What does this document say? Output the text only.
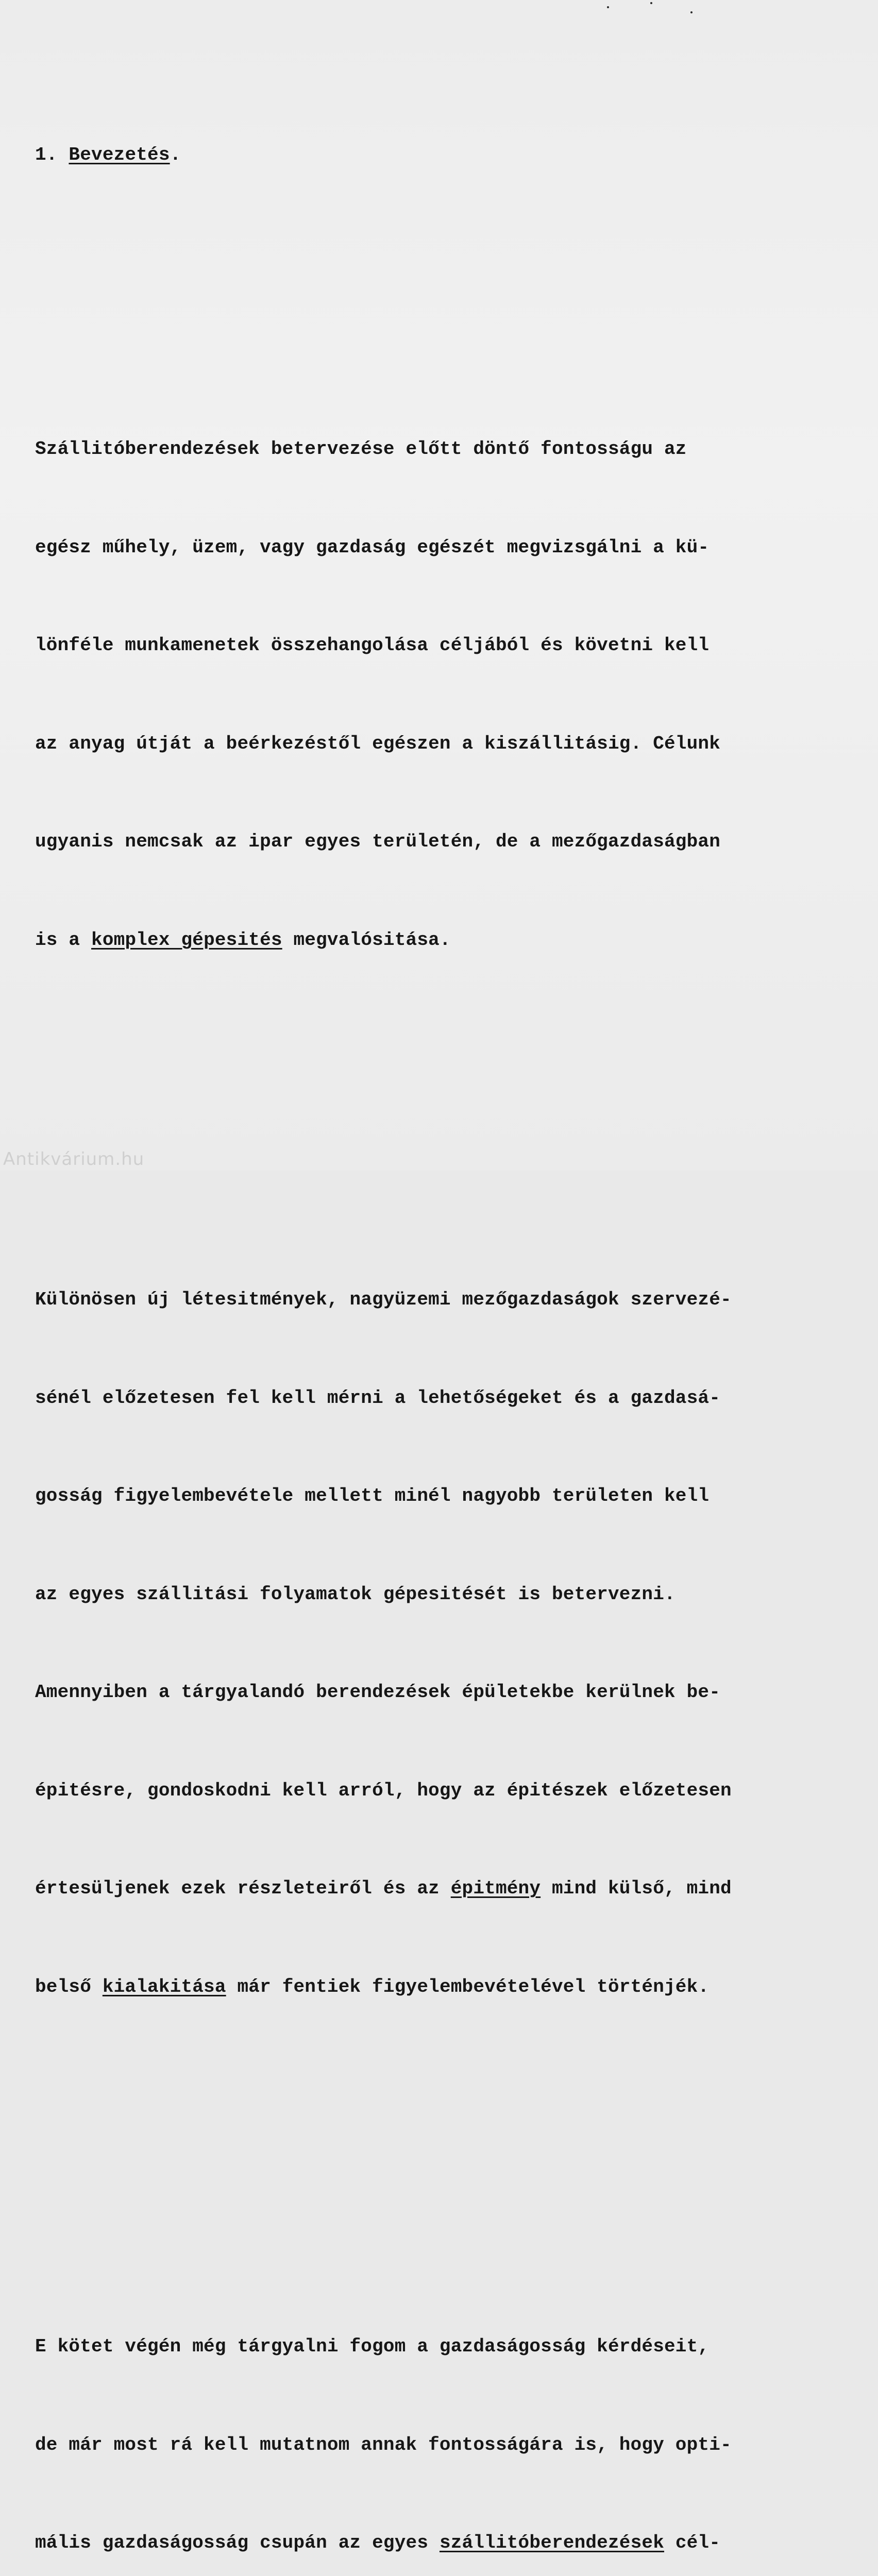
1. Bevezetés.

Szállitóberendezések betervezése előtt döntő fontosságu az

egész műhely, üzem, vagy gazdaság egészét megvizsgálni a kü-

lönféle munkamenetek összehangolása céljából és követni kell

az anyag útját a beérkezéstől egészen a kiszállitásig. Célunk

ugyanis nemcsak az ipar egyes területén, de a mezőgazdaságban

is a komplex gépesités megvalósitása.

Különösen új létesitmények, nagyüzemi mezőgazdaságok szervezé-

sénél előzetesen fel kell mérni a lehetőségeket és a gazdasá-

gosság figyelembevétele mellett minél nagyobb területen kell

az egyes szállitási folyamatok gépesitését is betervezni.

Amennyiben a tárgyalandó berendezések épületekbe kerülnek be-

épitésre, gondoskodni kell arról, hogy az épitészek előzetesen

értesüljenek ezek részleteiről és az épitmény mind külső, mind

belső kialakitása már fentiek figyelembevételével történjék.

E kötet végén még tárgyalni fogom a gazdaságosság kérdéseit,

de már most rá kell mutatnom annak fontosságára is, hogy opti-

mális gazdaságosság csupán az egyes szállitóberendezések cél-

Antikvárium.hu
